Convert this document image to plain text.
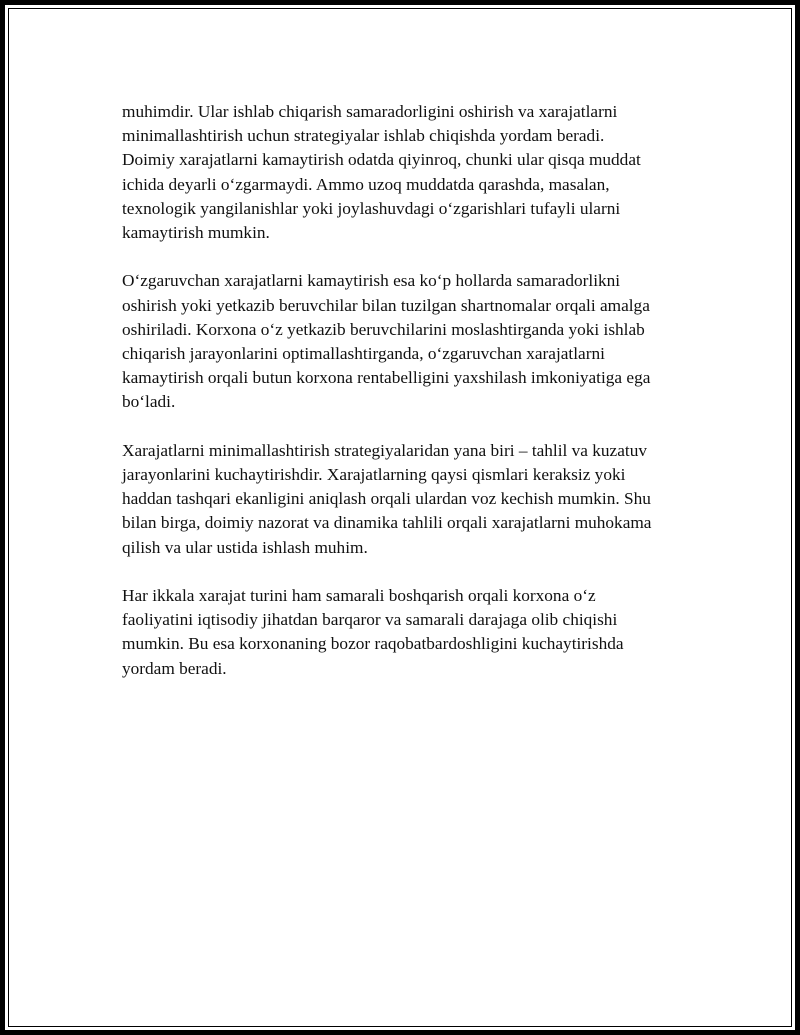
muhimdir. Ular ishlab chiqarish samaradorligini oshirish va xarajatlarni
minimallashtirish uchun strategiyalar ishlab chiqishda yordam beradi.
Doimiy xarajatlarni kamaytirish odatda qiyinroq, chunki ular qisqa muddat
ichida deyarli oʻzgarmaydi. Ammo uzoq muddatda qarashda, masalan,
texnologik yangilanishlar yoki joylashuvdagi oʻzgarishlari tufayli ularni
kamaytirish mumkin.

Oʻzgaruvchan xarajatlarni kamaytirish esa koʻp hollarda samaradorlikni
oshirish yoki yetkazib beruvchilar bilan tuzilgan shartnomalar orqali amalga
oshiriladi. Korxona oʻz yetkazib beruvchilarini moslashtirganda yoki ishlab
chiqarish jarayonlarini optimallashtirganda, oʻzgaruvchan xarajatlarni
kamaytirish orqali butun korxona rentabelligini yaxshilash imkoniyatiga ega
boʻladi.

Xarajatlarni minimallashtirish strategiyalaridan yana biri – tahlil va kuzatuv
jarayonlarini kuchaytirishdir. Xarajatlarning qaysi qismlari keraksiz yoki
haddan tashqari ekanligini aniqlash orqali ulardan voz kechish mumkin. Shu
bilan birga, doimiy nazorat va dinamika tahlili orqali xarajatlarni muhokama
qilish va ular ustida ishlash muhim.

Har ikkala xarajat turini ham samarali boshqarish orqali korxona oʻz
faoliyatini iqtisodiy jihatdan barqaror va samarali darajaga olib chiqishi
mumkin. Bu esa korxonaning bozor raqobatbardoshligini kuchaytirishda
yordam beradi.
